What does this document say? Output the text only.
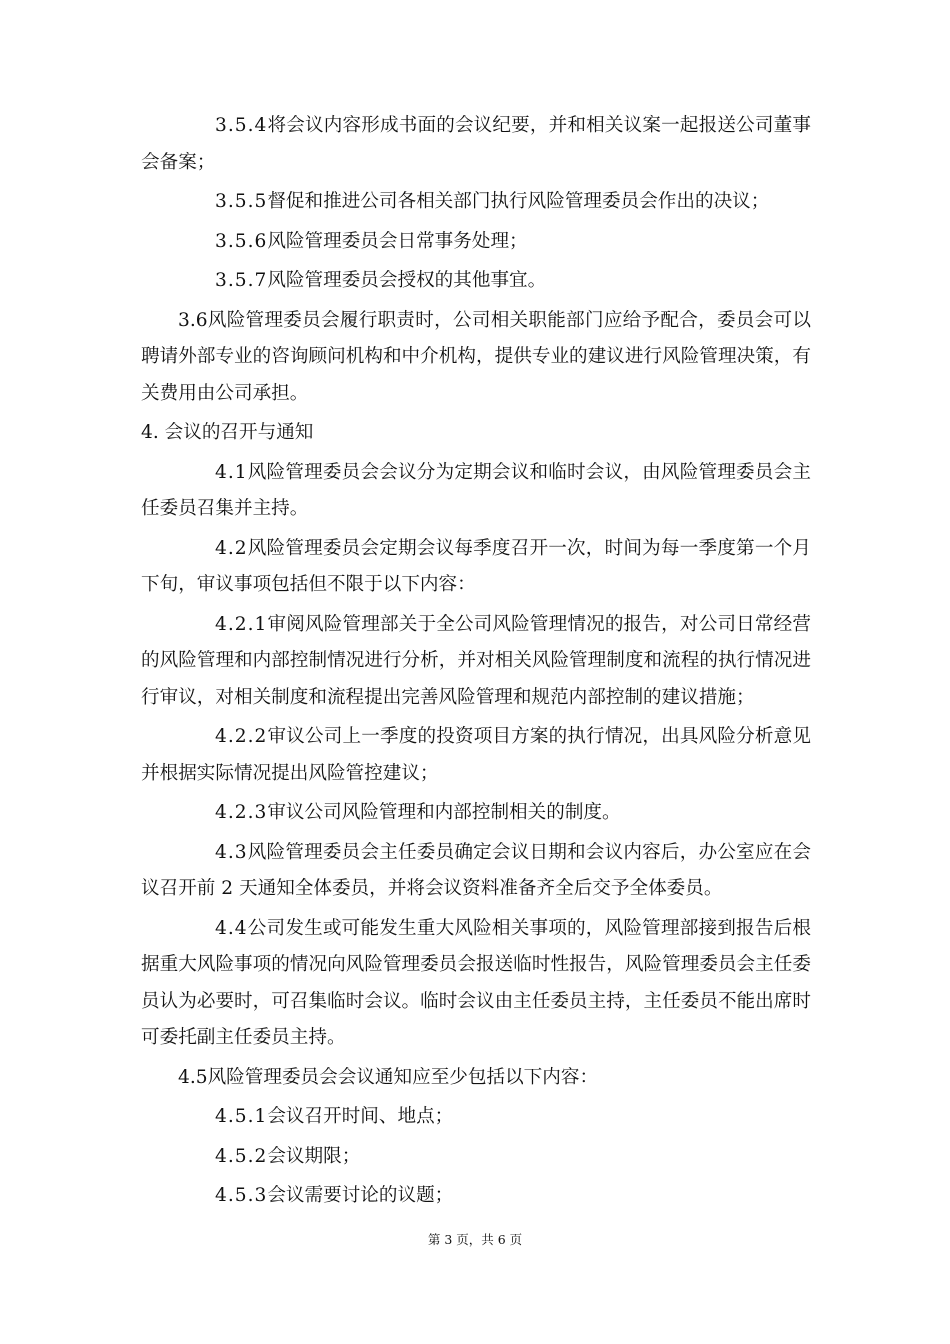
3.5.4将会议内容形成书面的会议纪要，并和相关议案一起报送公司董事会备案；

3.5.5督促和推进公司各相关部门执行风险管理委员会作出的决议；

3.5.6风险管理委员会日常事务处理；

3.5.7风险管理委员会授权的其他事宜。

3.6风险管理委员会履行职责时，公司相关职能部门应给予配合，委员会可以聘请外部专业的咨询顾问机构和中介机构，提供专业的建议进行风险管理决策，有关费用由公司承担。

4. 会议的召开与通知

4.1风险管理委员会会议分为定期会议和临时会议，由风险管理委员会主任委员召集并主持。

4.2风险管理委员会定期会议每季度召开一次，时间为每一季度第一个月下旬，审议事项包括但不限于以下内容：

4.2.1审阅风险管理部关于全公司风险管理情况的报告，对公司日常经营的风险管理和内部控制情况进行分析，并对相关风险管理制度和流程的执行情况进行审议，对相关制度和流程提出完善风险管理和规范内部控制的建议措施；

4.2.2审议公司上一季度的投资项目方案的执行情况，出具风险分析意见并根据实际情况提出风险管控建议；

4.2.3审议公司风险管理和内部控制相关的制度。

4.3风险管理委员会主任委员确定会议日期和会议内容后，办公室应在会议召开前 2 天通知全体委员，并将会议资料准备齐全后交予全体委员。

4.4公司发生或可能发生重大风险相关事项的，风险管理部接到报告后根据重大风险事项的情况向风险管理委员会报送临时性报告，风险管理委员会主任委员认为必要时，可召集临时会议。临时会议由主任委员主持，主任委员不能出席时可委托副主任委员主持。

4.5风险管理委员会会议通知应至少包括以下内容：

4.5.1会议召开时间、地点；

4.5.2会议期限；

4.5.3会议需要讨论的议题；

第 3 页，共 6 页
